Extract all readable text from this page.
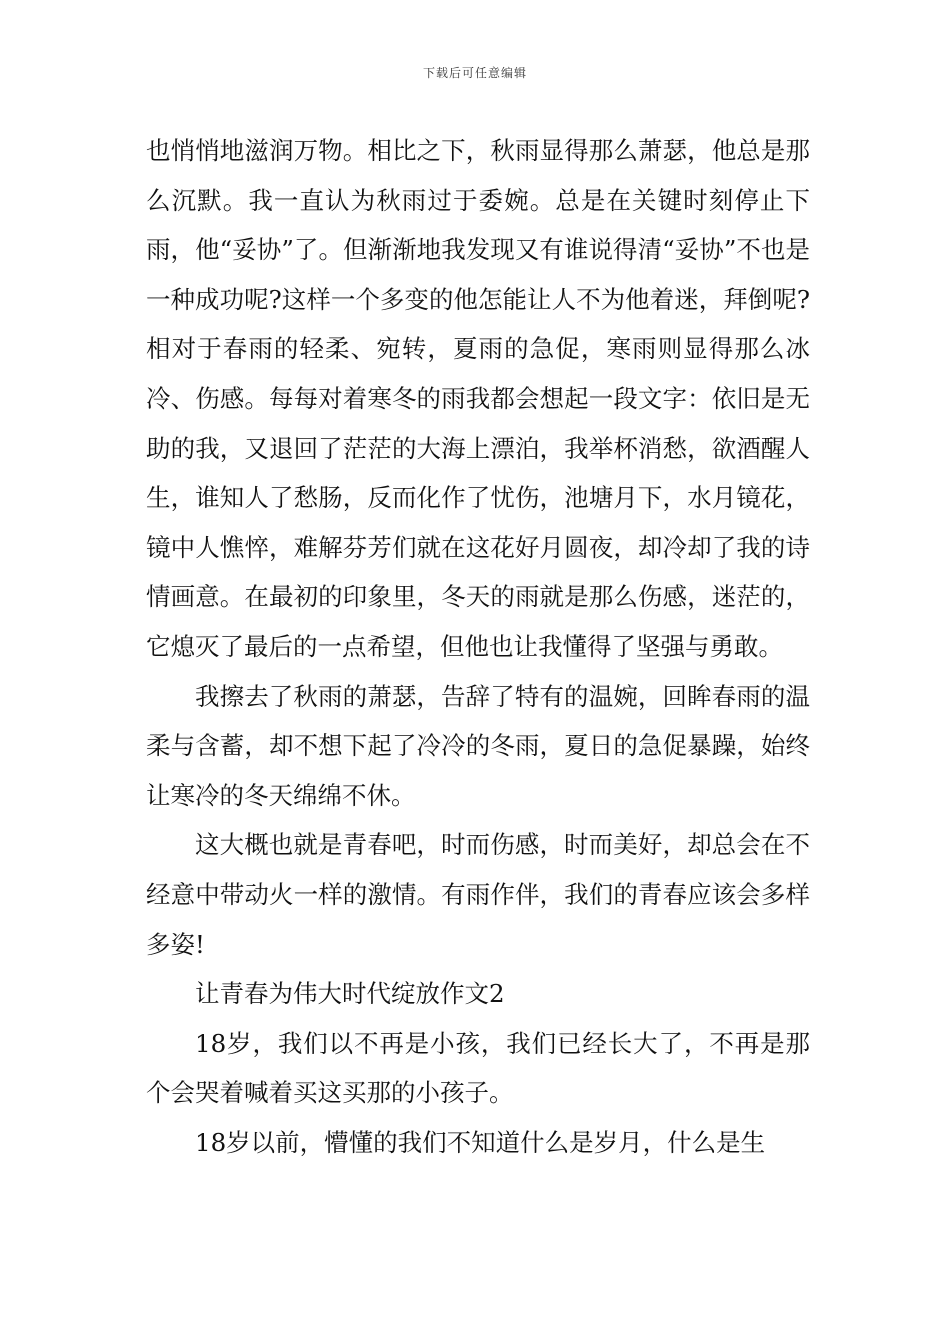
下载后可任意编辑

也悄悄地滋润万物。相比之下，秋雨显得那么萧瑟，他总是那么沉默。我一直认为秋雨过于委婉。总是在关键时刻停止下雨，他“妥协”了。但渐渐地我发现又有谁说得清“妥协”不也是一种成功呢?这样一个多变的他怎能让人不为他着迷，拜倒呢?相对于春雨的轻柔、宛转，夏雨的急促，寒雨则显得那么冰冷、伤感。每每对着寒冬的雨我都会想起一段文字：依旧是无助的我，又退回了茫茫的大海上漂泊，我举杯消愁，欲酒醒人生，谁知人了愁肠，反而化作了忧伤，池塘月下，水月镜花，镜中人憔悴，难解芬芳们就在这花好月圆夜，却冷却了我的诗情画意。在最初的印象里，冬天的雨就是那么伤感，迷茫的，它熄灭了最后的一点希望，但他也让我懂得了坚强与勇敢。

我擦去了秋雨的萧瑟，告辞了特有的温婉，回眸春雨的温柔与含蓄，却不想下起了冷冷的冬雨，夏日的急促暴躁，始终让寒冷的冬天绵绵不休。

这大概也就是青春吧，时而伤感，时而美好，却总会在不经意中带动火一样的激情。有雨作伴，我们的青春应该会多样多姿!

让青春为伟大时代绽放作文2

18岁，我们以不再是小孩，我们已经长大了，不再是那个会哭着喊着买这买那的小孩子。

18岁以前，懵懂的我们不知道什么是岁月，什么是生
